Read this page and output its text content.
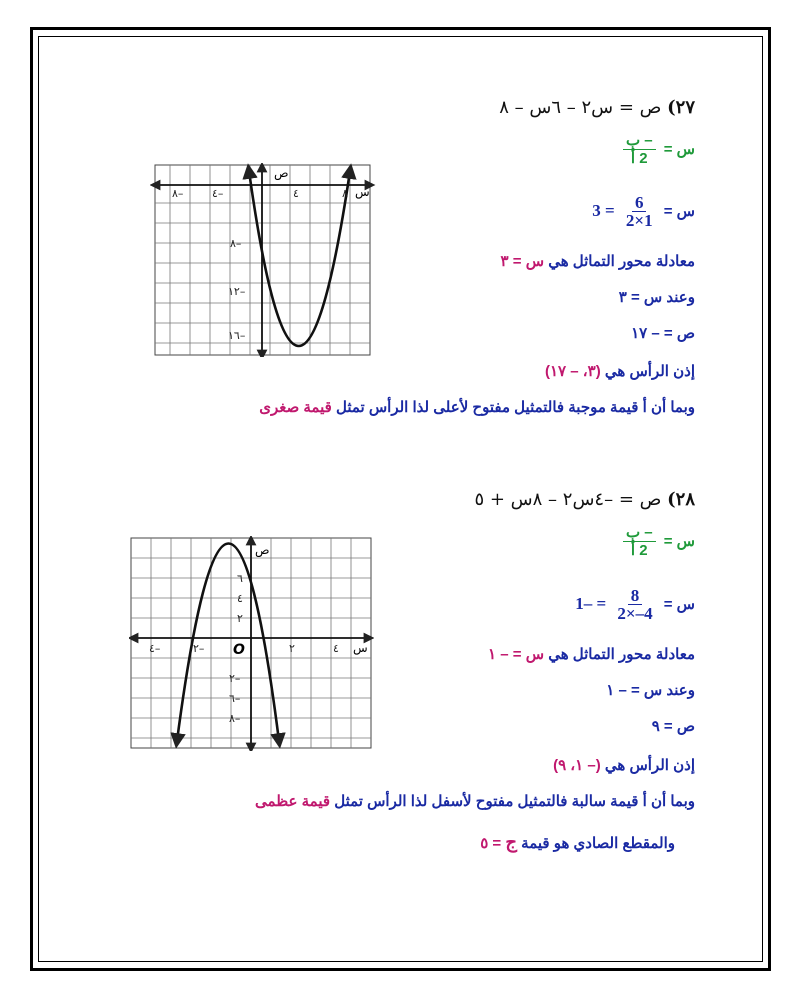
٢٧) ص = س٢ – ٦س – ٨
س =
$\frac{\text{– ب}}{\text{2 أ}}$
س =
$\frac{6}{1\times 2}$
= 3
معادلة محور التماثل هي س = ٣
وعند س = ٣
ص = – ١٧
إذن الرأس هي (٣، – ١٧)
وبما أن أ قيمة موجبة فالتمثيل مفتوح لأعلى لذا الرأس تمثل قيمة صغرى
ص
س
٨–	٤– ٠	٤	٨
٨–
١٢–
١٦–
٢٨) ص = –٤س٢ – ٨س + ٥
س =
$\frac{\text{– ب}}{\text{2 أ}}$
س =
$\frac{8}{4-\times 2}$
= –1
معادلة محور التماثل هي س = – ١
وعند س = – ١
ص = ٩
إذن الرأس هي (– ١، ٩)
وبما أن أ قيمة سالبة فالتمثيل مفتوح لأسفل لذا الرأس تمثل قيمة عظمى
والمقطع الصادي هو قيمة ج = ٥
ص
س
O
٤–	٢–	٢	٤
٦
٤
٢
٢–
٦–
٨–
